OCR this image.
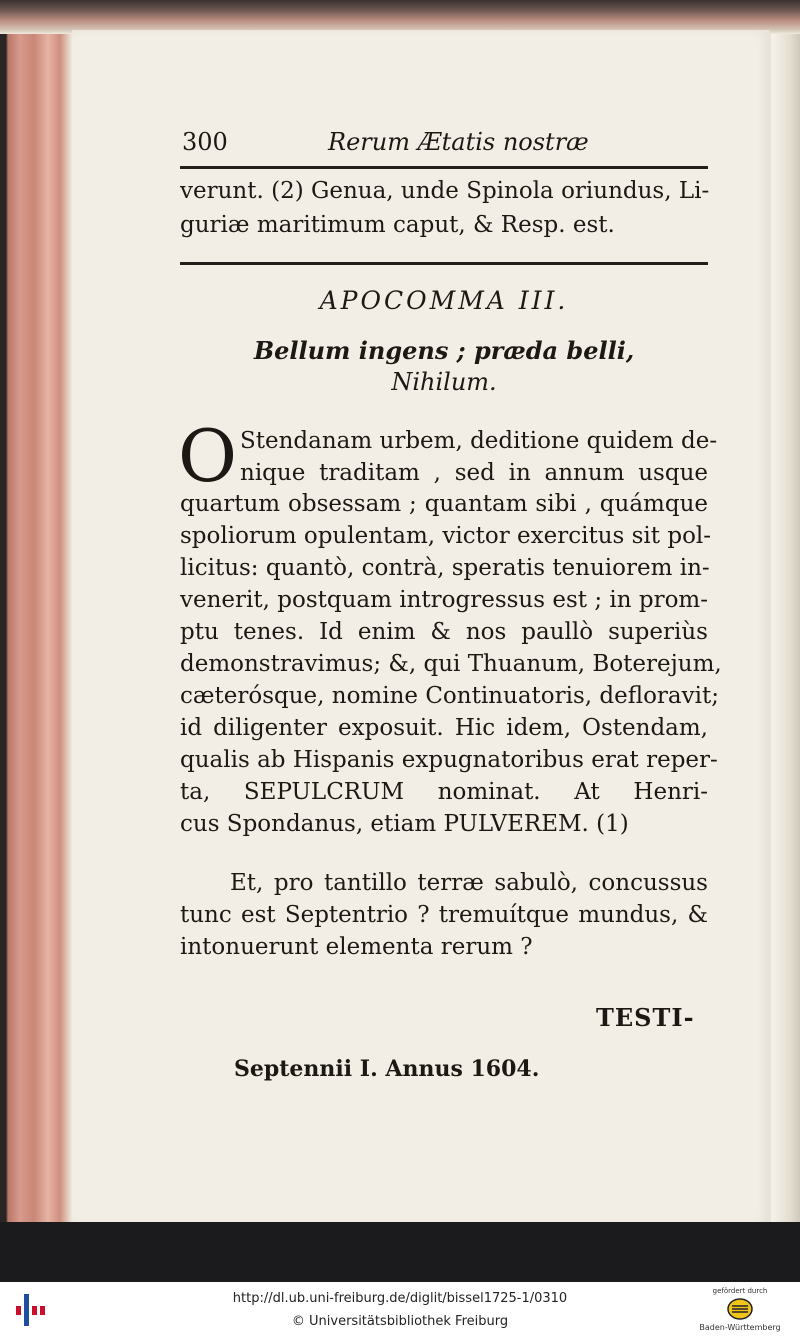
300	Rerum Ætatis nostræ
verunt. (2) Genua, unde Spinola oriundus, Li-
guriæ maritimum caput, & Resp. est.
APOCOMMA III.
Bellum ingens ; præda belli,
Nihilum.
O Stendanam urbem, deditione quidem de-
nique traditam , sed in annum usque
quartum obsessam ; quantam sibi , quámque
spoliorum opulentam, victor exercitus sit pol-
licitus: quantò, contrà, speratis tenuiorem in-
venerit, postquam introgressus est ; in prom-
ptu tenes. Id enim & nos paullò superiùs
demonstravimus; &, qui Thuanum, Boterejum,
cæterósque, nomine Continuatoris, defloravit;
id diligenter exposuit. Hic idem, Ostendam,
qualis ab Hispanis expugnatoribus erat reper-
ta, SEPULCRUM nominat. At Henri-
cus Spondanus, etiam PULVEREM. (1)
Et, pro tantillo terræ sabulò, concussus
tunc est Septentrio ? tremuítque mundus, &
intonuerunt elementa rerum ?
TESTI-
Septennii I. Annus 1604.
http://dl.ub.uni-freiburg.de/diglit/bissel1725-1/0310
© Universitätsbibliothek Freiburg
gefördert durch
Baden-Württemberg
